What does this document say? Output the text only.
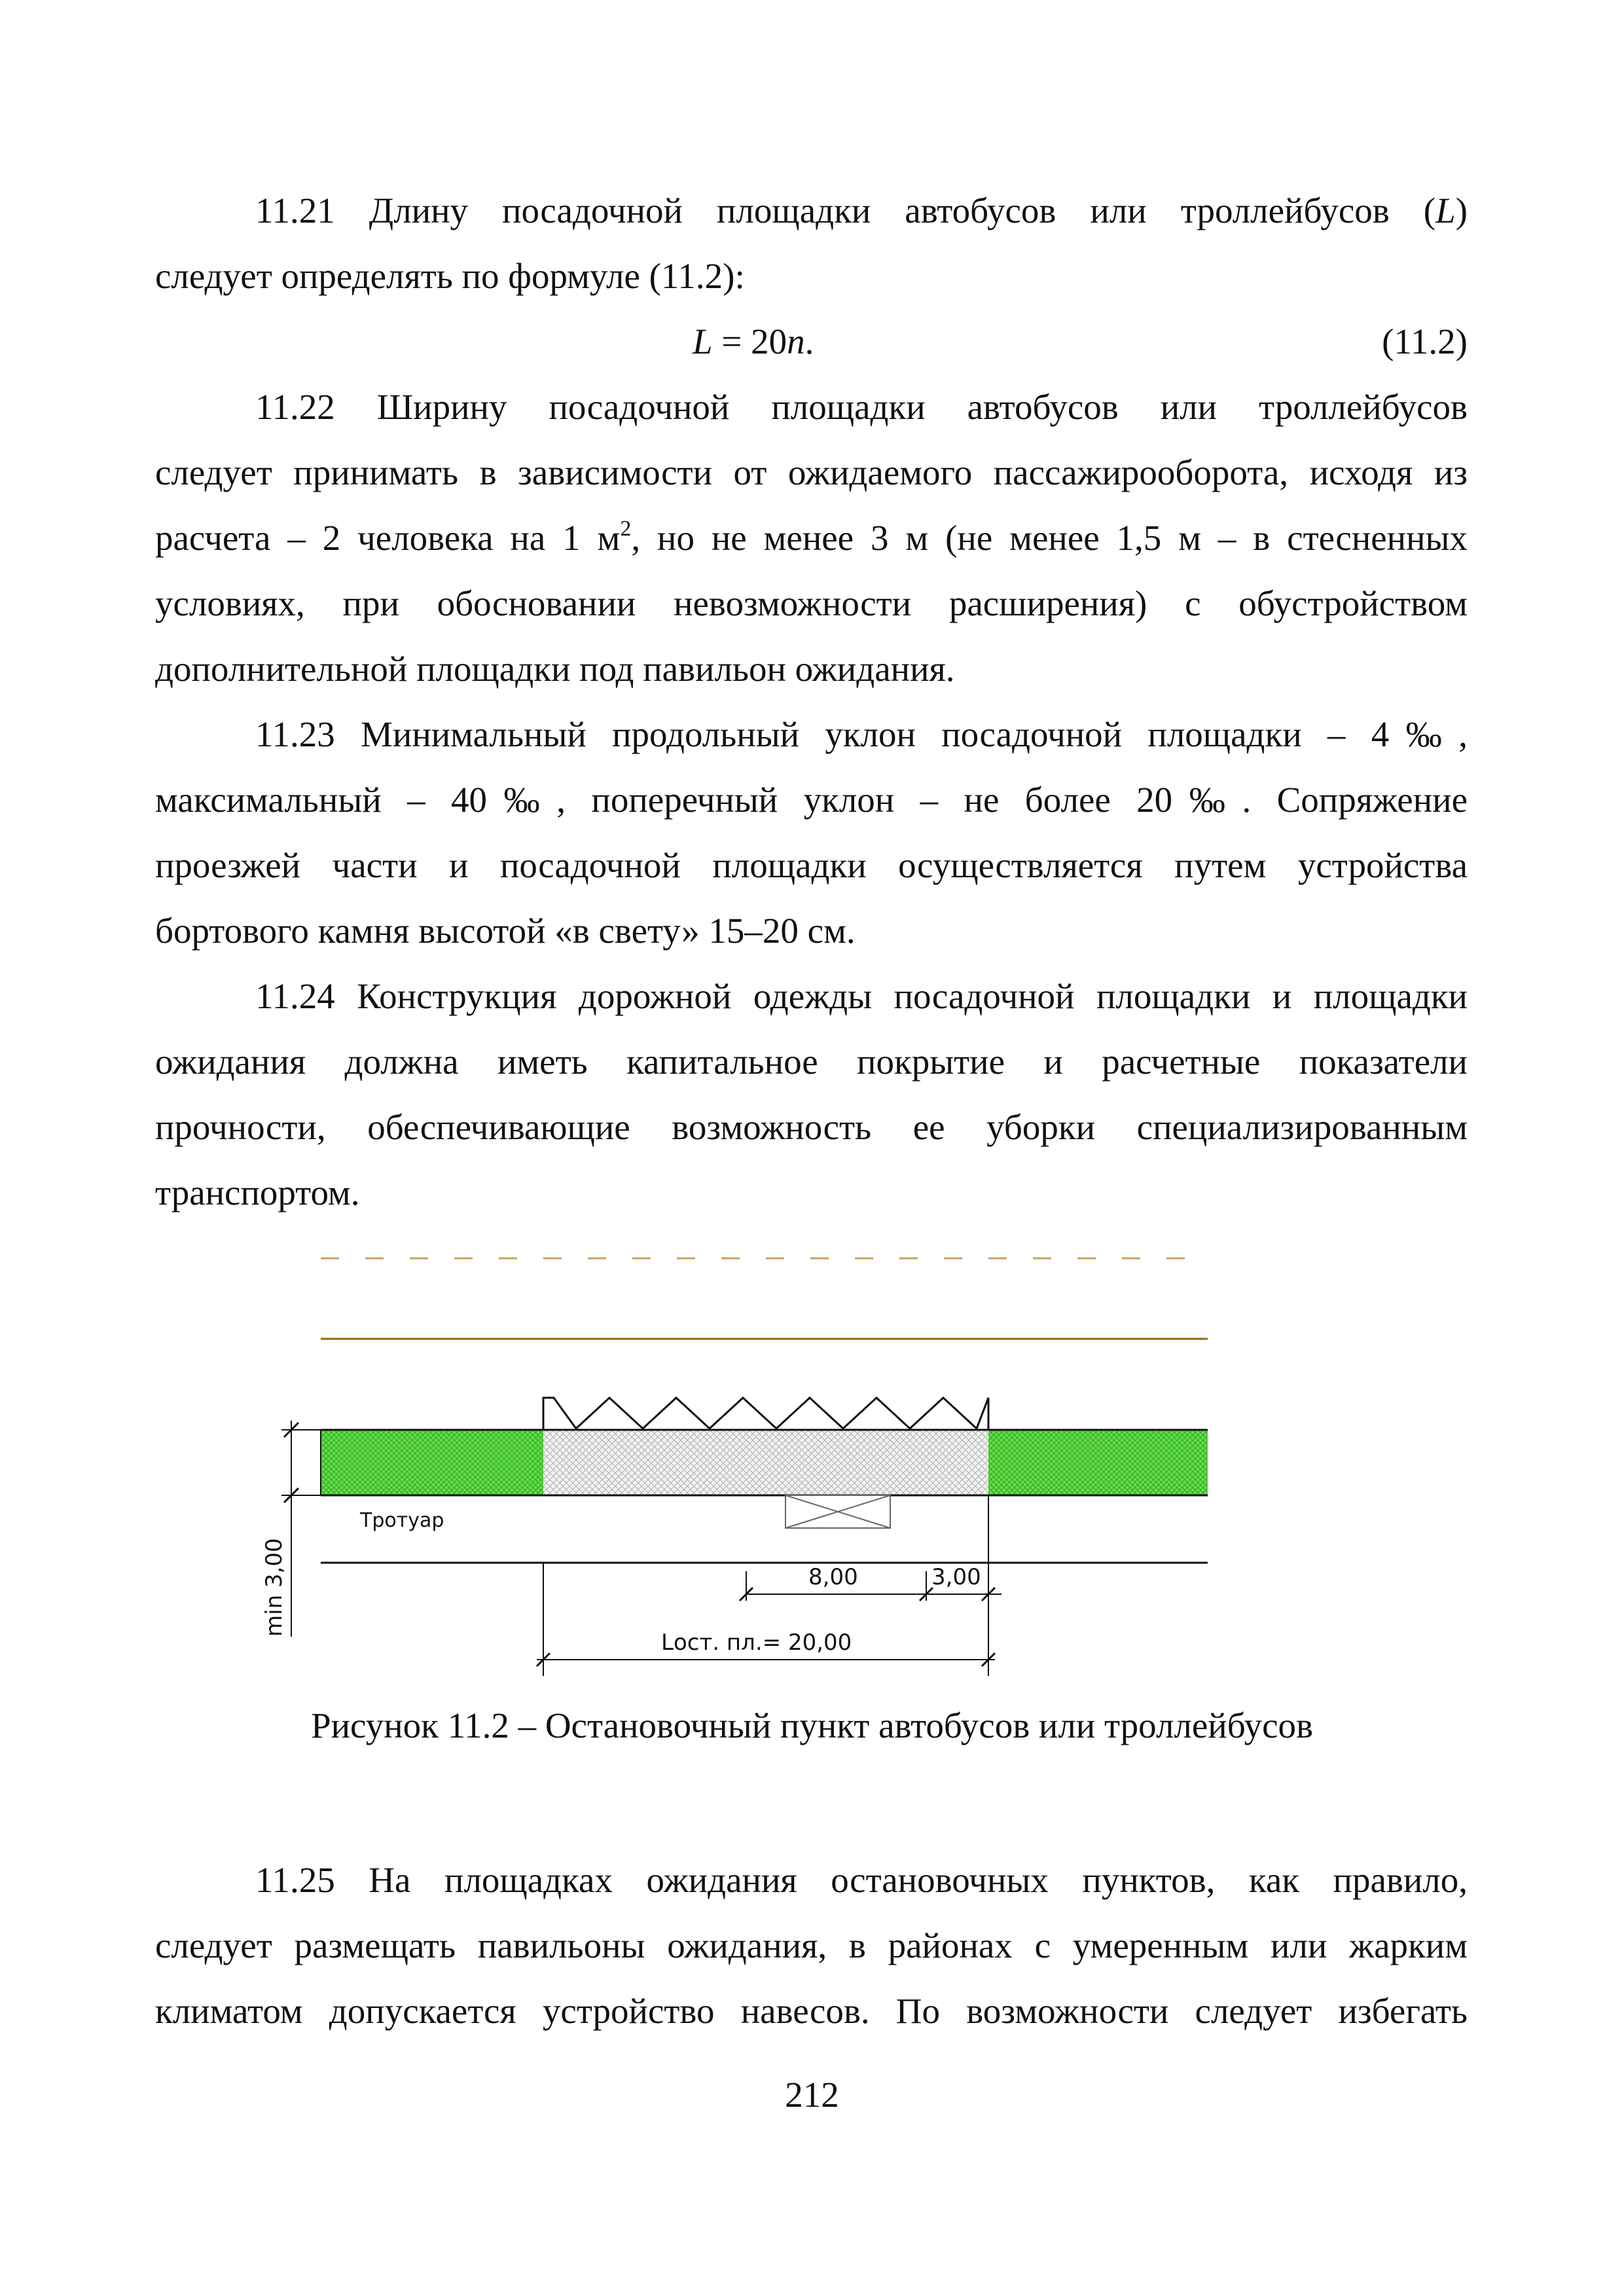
11.21 Длину посадочной площадки автобусов или троллейбусов (L)
следует определять по формуле (11.2):
L = 20n.	(11.2)
11.22 Ширину посадочной площадки автобусов или троллейбусов
следует принимать в зависимости от ожидаемого пассажирооборота, исходя из
расчета – 2 человека на 1 $м^2$, но не менее 3 м (не менее 1,5 м – в стесненных
условиях, при обосновании невозможности расширения) с обустройством
дополнительной площадки под павильон ожидания.
11.23 Минимальный продольный уклон посадочной площадки – 4‰,
максимальный – 40‰, поперечный уклон – не более 20‰. Сопряжение
проезжей части и посадочной площадки осуществляется путем устройства
бортового камня высотой «в свету» 15–20 см.
11.24 Конструкция дорожной одежды посадочной площадки и площадки
ожидания должна иметь капитальное покрытие и расчетные показатели
прочности, обеспечивающие возможность ее уборки специализированным
транспортом.
Тротуар
min 3,00	8,00	3,00
Lост. пл.= 20,00
Рисунок 11.2 – Остановочный пункт автобусов или троллейбусов
11.25 На площадках ожидания остановочных пунктов, как правило,
следует размещать павильоны ожидания, в районах с умеренным или жарким
климатом допускается устройство навесов. По возможности следует избегать
212
